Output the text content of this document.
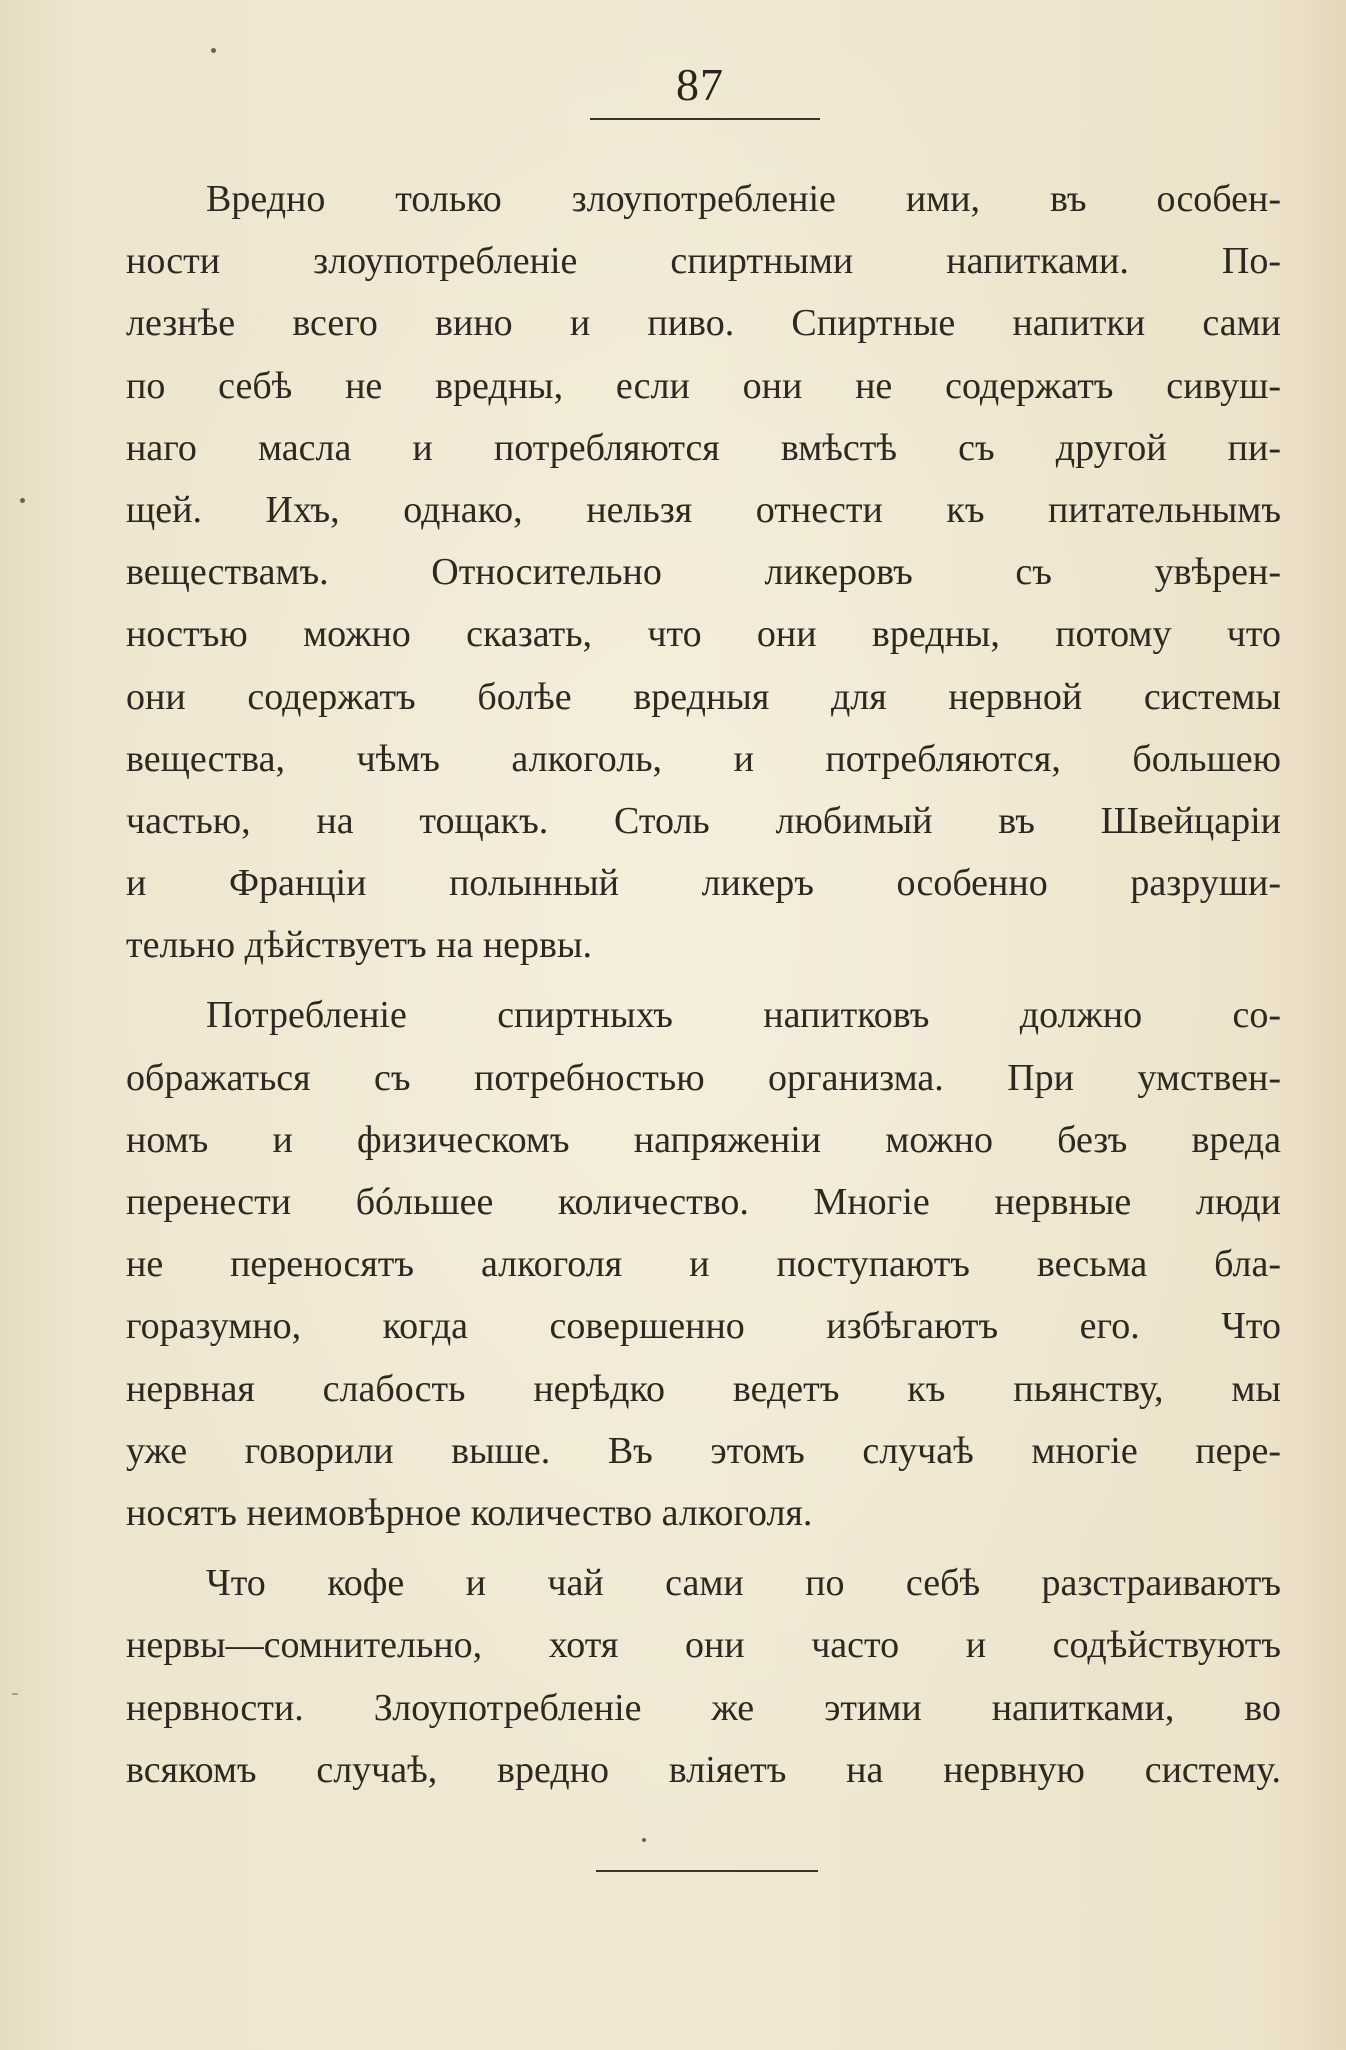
87
Вредно только злоупотребленіе ими, въ особен-
ности злоупотребленіе спиртными напитками. По-
лезнѣе всего вино и пиво. Спиртные напитки сами
по себѣ не вредны, если они не содержатъ сивуш-
наго масла и потребляются вмѣстѣ съ другой пи-
щей. Ихъ, однако, нельзя отнести къ питательнымъ
веществамъ. Относительно ликеровъ съ увѣрен-
ностъю можно сказать, что они вредны, потому что
они содержатъ болѣе вредныя для нервной системы
вещества, чѣмъ алкоголь, и потребляются, большею
частью, на тощакъ. Столь любимый въ Швейцаріи
и Франціи полынный ликеръ особенно разруши-
тельно дѣйствуетъ на нервы.
Потребленіе спиртныхъ напитковъ должно со-
ображаться съ потребностью организма. При умствен-
номъ и физическомъ напряженіи можно безъ вреда
перенести бóльшее количество. Многіе нервные люди
не переносятъ алкоголя и поступаютъ весьма бла-
горазумно, когда совершенно избѣгаютъ его. Что
нервная слабость нерѣдко ведетъ къ пьянству, мы
уже говорили выше. Въ этомъ случаѣ многіе пере-
носятъ неимовѣрное количество алкоголя.
Что кофе и чай сами по себѣ разстраиваютъ
нервы—сомнительно, хотя они часто и содѣйствуютъ
нервности. Злоупотребленіе же этими напитками, во
всякомъ случаѣ, вредно вліяетъ на нервную систему.
